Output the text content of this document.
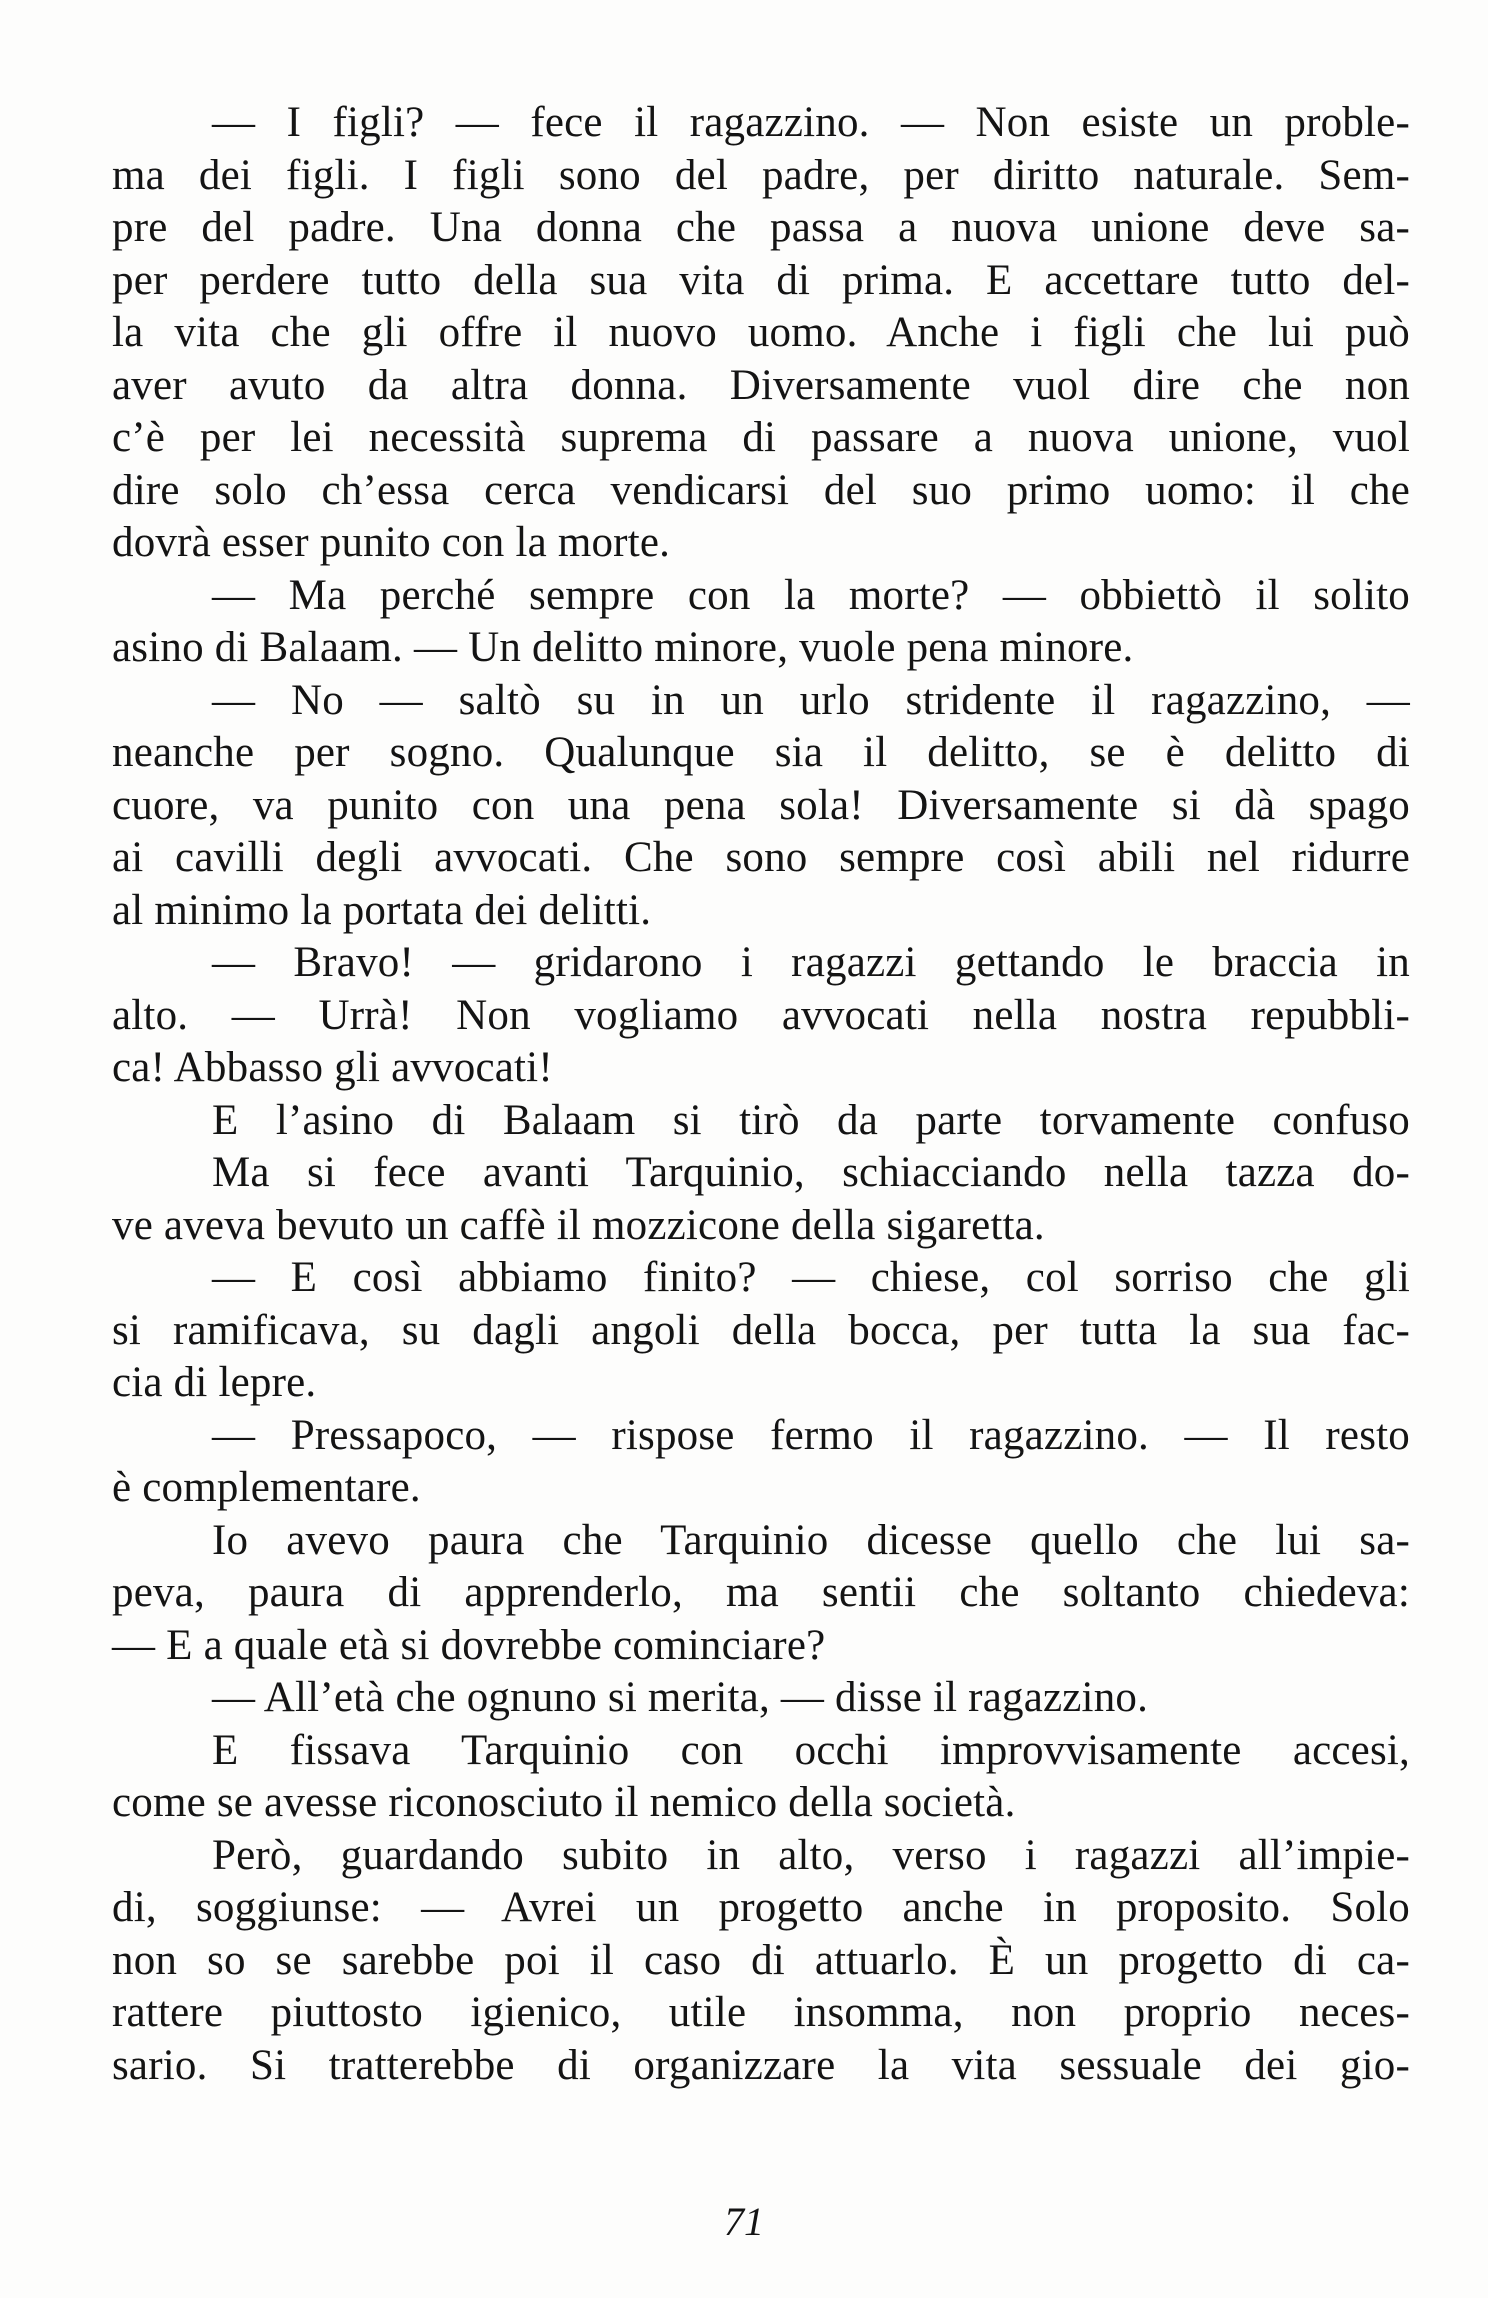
— I figli? — fece il ragazzino. — Non esiste un proble-
ma dei figli. I figli sono del padre, per diritto naturale. Sem-
pre del padre. Una donna che passa a nuova unione deve sa-
per perdere tutto della sua vita di prima. E accettare tutto del-
la vita che gli offre il nuovo uomo. Anche i figli che lui può
aver avuto da altra donna. Diversamente vuol dire che non
c’è per lei necessità suprema di passare a nuova unione, vuol
dire solo ch’essa cerca vendicarsi del suo primo uomo: il che
dovrà esser punito con la morte.
— Ma perché sempre con la morte? — obbiettò il solito
asino di Balaam. — Un delitto minore, vuole pena minore.
— No — saltò su in un urlo stridente il ragazzino, —
neanche per sogno. Qualunque sia il delitto, se è delitto di
cuore, va punito con una pena sola! Diversamente si dà spago
ai cavilli degli avvocati. Che sono sempre così abili nel ridurre
al minimo la portata dei delitti.
— Bravo! — gridarono i ragazzi gettando le braccia in
alto. — Urrà! Non vogliamo avvocati nella nostra repubbli-
ca! Abbasso gli avvocati!
E l’asino di Balaam si tirò da parte torvamente confuso
Ma si fece avanti Tarquinio, schiacciando nella tazza do-
ve aveva bevuto un caffè il mozzicone della sigaretta.
— E così abbiamo finito? — chiese, col sorriso che gli
si ramificava, su dagli angoli della bocca, per tutta la sua fac-
cia di lepre.
— Pressapoco, — rispose fermo il ragazzino. — Il resto
è complementare.
Io avevo paura che Tarquinio dicesse quello che lui sa-
peva, paura di apprenderlo, ma sentii che soltanto chiedeva:
— E a quale età si dovrebbe cominciare?
— All’età che ognuno si merita, — disse il ragazzino.
E fissava Tarquinio con occhi improvvisamente accesi,
come se avesse riconosciuto il nemico della società.
Però, guardando subito in alto, verso i ragazzi all’impie-
di, soggiunse: — Avrei un progetto anche in proposito. Solo
non so se sarebbe poi il caso di attuarlo. È un progetto di ca-
rattere piuttosto igienico, utile insomma, non proprio neces-
sario. Si tratterebbe di organizzare la vita sessuale dei gio-
71
